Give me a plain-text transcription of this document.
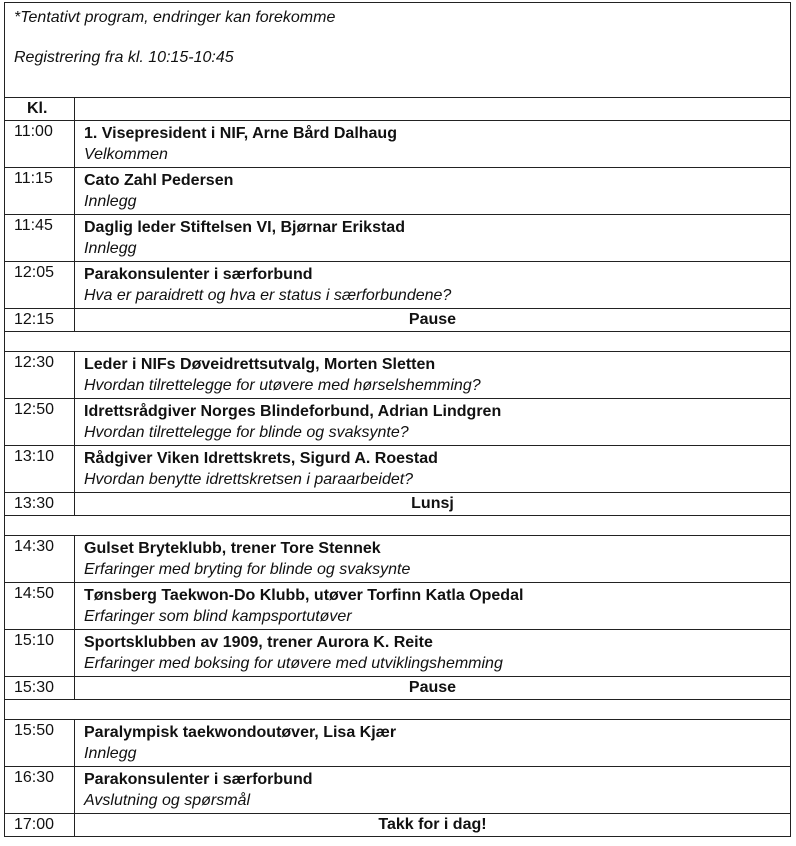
*Tentativt program, endringer kan forekomme
Registrering fra kl. 10:15-10:45	

Kl.	
11:00	1. Visepresident i NIF, Arne Bård Dalhaug
Velkommen

11:15	Cato Zahl Pedersen
Innlegg

11:45	Daglig leder Stiftelsen VI, Bjørnar Erikstad
Innlegg

12:05	Parakonsulenter i særforbund
Hva er paraidrett og hva er status i særforbundene?

12:15	Pause

12:30	Leder i NIFs Døveidrettsutvalg, Morten Sletten
Hvordan tilrettelegge for utøvere med hørselshemming?

12:50	Idrettsrådgiver Norges Blindeforbund, Adrian Lindgren
Hvordan tilrettelegge for blinde og svaksynte?

13:10	Rådgiver Viken Idrettskrets, Sigurd A. Roestad
Hvordan benytte idrettskretsen i paraarbeidet?

13:30	Lunsj

14:30	Gulset Bryteklubb, trener Tore Stennek
Erfaringer med bryting for blinde og svaksynte

14:50	Tønsberg Taekwon-Do Klubb, utøver Torfinn Katla Opedal
Erfaringer som blind kampsportutøver

15:10	Sportsklubben av 1909, trener Aurora K. Reite
Erfaringer med boksing for utøvere med utviklingshemming

15:30	Pause

15:50	Paralympisk taekwondoutøver, Lisa Kjær
Innlegg

16:30	Parakonsulenter i særforbund
Avslutning og spørsmål

17:00	Takk for i dag!
